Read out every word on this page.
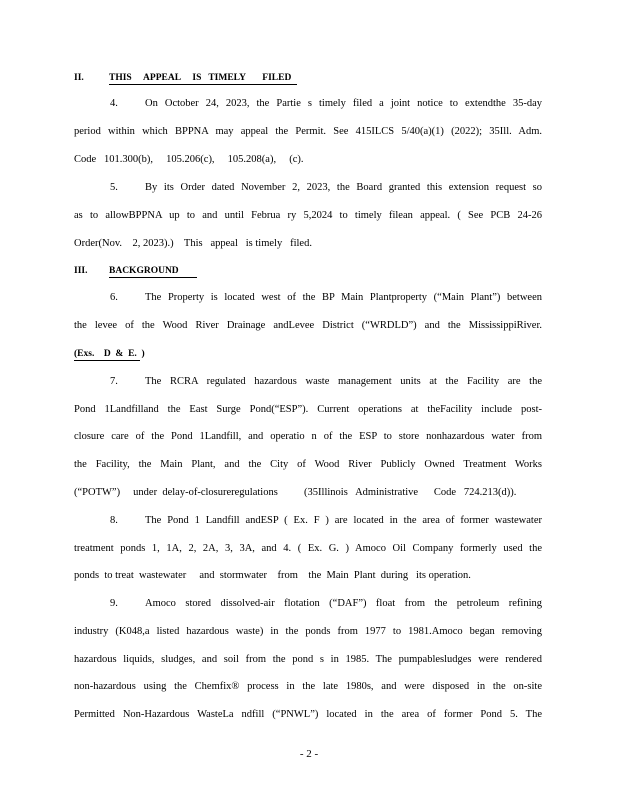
II.	THIS     APPEAL     IS   TIMELY       FILED
4.	On October 24, 2023, the Partie s timely filed a joint notice to extendthe 35-day
period within which BPPNA may appeal the Permit. See 415ILCS 5/40(a)(1) (2022); 35Ill. Adm.
Code   101.300(b),     105.206(c),     105.208(a),     (c).
5.	By its Order dated November 2, 2023, the Board granted this extension request so
as to allowBPPNA up to and until Februa ry 5,2024 to timely filean appeal. ( See PCB 24-26
Order(Nov.    2, 2023).)    This   appeal   is timely   filed.
III. BACKGROUND
6.	The Property is located west of the BP Main Plantproperty (“Main Plant”) between
the levee of the Wood River Drainage andLevee District (“WRDLD”) and the MississippiRiver.
(Exs.    D  &  E.  )
7.	The RCRA regulated hazardous waste management units at the Facility are the
Pond 1Landfilland the East Surge Pond(“ESP”). Current operations at theFacility include post-
closure care of the Pond 1Landfill, and operatio n of the ESP to store nonhazardous water from
the Facility, the Main Plant, and the City of Wood River Publicly Owned Treatment Works
(“POTW”)     under  delay-of-closureregulations          (35Illinois   Administrative      Code   724.213(d)).
8.	The Pond 1 Landfill andESP ( Ex. F ) are located in the area of former wastewater
treatment ponds 1, 1A, 2, 2A, 3, 3A, and 4. ( Ex. G. ) Amoco Oil Company formerly used the
ponds  to treat  wastewater     and  stormwater    from    the  Main  Plant  during   its operation.
9.	Amoco stored dissolved-air flotation (“DAF”) float from the petroleum refining
industry (K048,a listed hazardous waste) in the ponds from 1977 to 1981.Amoco began removing
hazardous liquids, sludges, and soil from the pond s in 1985. The pumpablesludges were rendered
non-hazardous using the Chemfix® process in the late 1980s, and were disposed in the on-site
Permitted Non-Hazardous WasteLa ndfill (“PNWL”) located in the area of former Pond 5. The
- 2 -
